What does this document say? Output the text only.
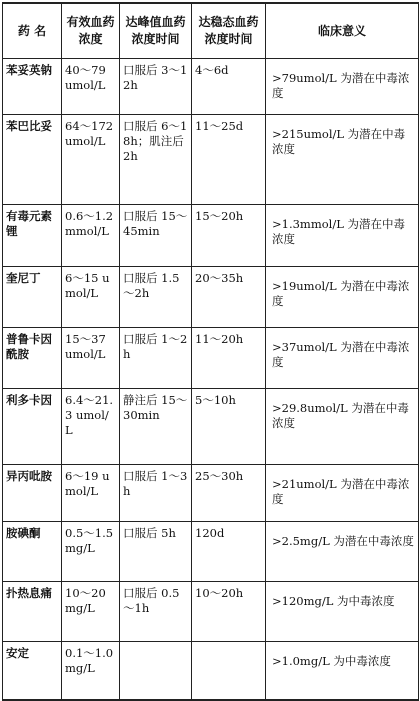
药 名	有效血药浓度	达峰值血药浓度时间	达稳态血药浓度时间	临床意义
苯妥英钠	40～79 umol/L	口服后 3～12h	4～6d	>79umol/L 为潜在中毒浓度
苯巴比妥	64～172 umol/L	口服后 6～18h；肌注后 2h	11～25d	>215umol/L 为潜在中毒浓度
有毒元素锂	0.6～1.2 mmol/L	口服后 15～45min	15～20h	>1.3mmol/L 为潜在中毒浓度
奎尼丁	6～15 umol/L	口服后 1.5～2h	20～35h	>19umol/L 为潜在中毒浓度
普鲁卡因酰胺	15～37 umol/L	口服后 1～2h	11～20h	>37umol/L 为潜在中毒浓度
利多卡因	6.4～21.3 umol/L	静注后 15～30min	5～10h	>29.8umol/L 为潜在中毒浓度
异丙吡胺	6～19 umol/L	口服后 1～3h	25～30h	>21umol/L 为潜在中毒浓度
胺碘酮	0.5～1.5 mg/L	口服后 5h	120d	>2.5mg/L 为潜在中毒浓度
扑热息痛	10～20 mg/L	口服后 0.5～1h	10～20h	>120mg/L 为中毒浓度
安定	0.1～1.0 mg/L			>1.0mg/L 为中毒浓度
